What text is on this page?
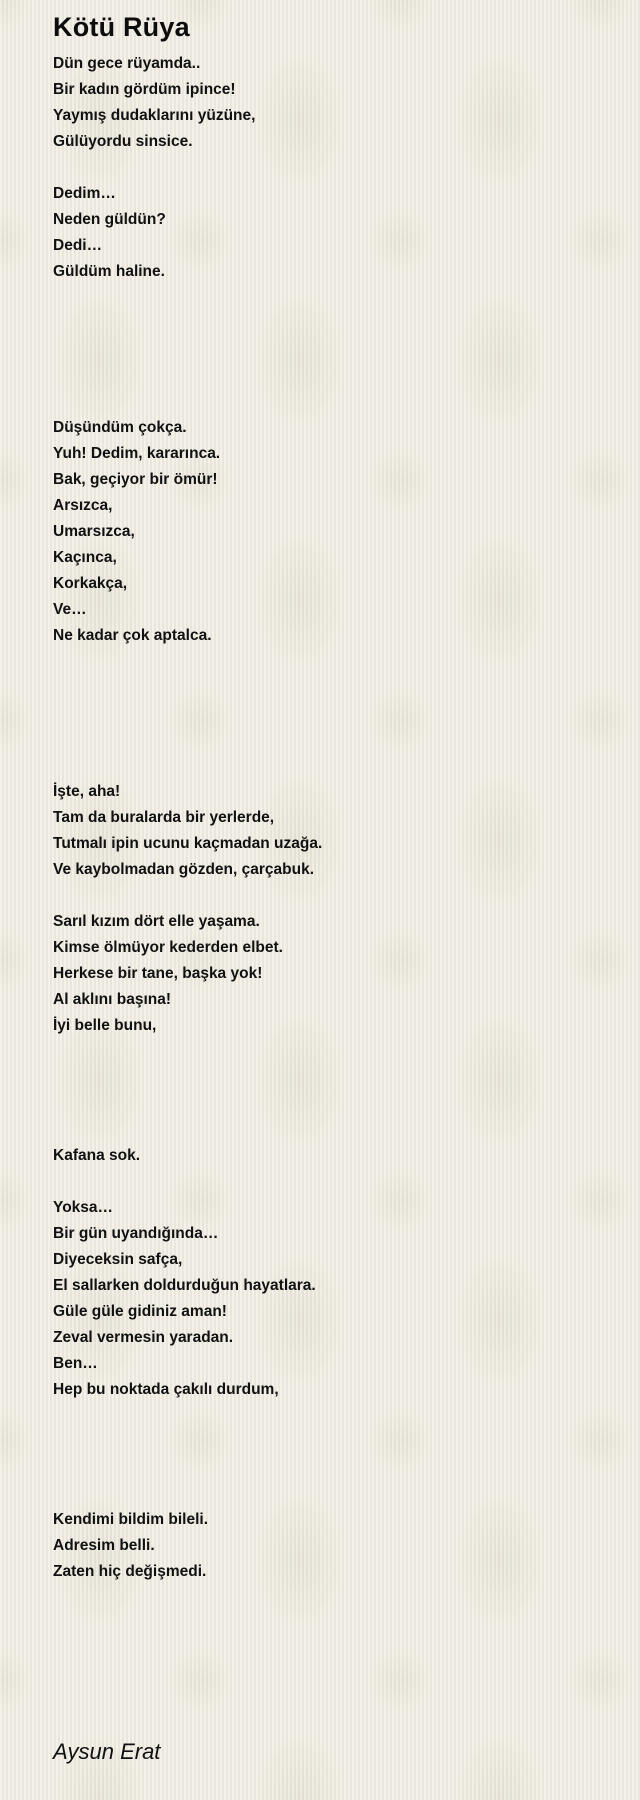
Kötü Rüya
Dün gece rüyamda..
Bir kadın gördüm ipince!
Yaymış dudaklarını yüzüne,
Gülüyordu sinsice.
Dedim…
Neden güldün?
Dedi…
Güldüm haline.
Düşündüm çokça.
Yuh! Dedim, kararınca.
Bak, geçiyor bir ömür!
Arsızca,
Umarsızca,
Kaçınca,
Korkakça,
Ve…
Ne kadar çok aptalca.
İşte, aha!
Tam da buralarda bir yerlerde,
Tutmalı ipin ucunu kaçmadan uzağa.
Ve kaybolmadan gözden, çarçabuk.
Sarıl kızım dört elle yaşama.
Kimse ölmüyor kederden elbet.
Herkese bir tane, başka yok!
Al aklını başına!
İyi belle bunu,
Kafana sok.
Yoksa…
Bir gün uyandığında…
Diyeceksin safça,
El sallarken doldurduğun hayatlara.
Güle güle gidiniz aman!
Zeval vermesin yaradan.
Ben…
Hep bu noktada çakılı durdum,
Kendimi bildim bileli.
Adresim belli.
Zaten hiç değişmedi.
Aysun Erat
